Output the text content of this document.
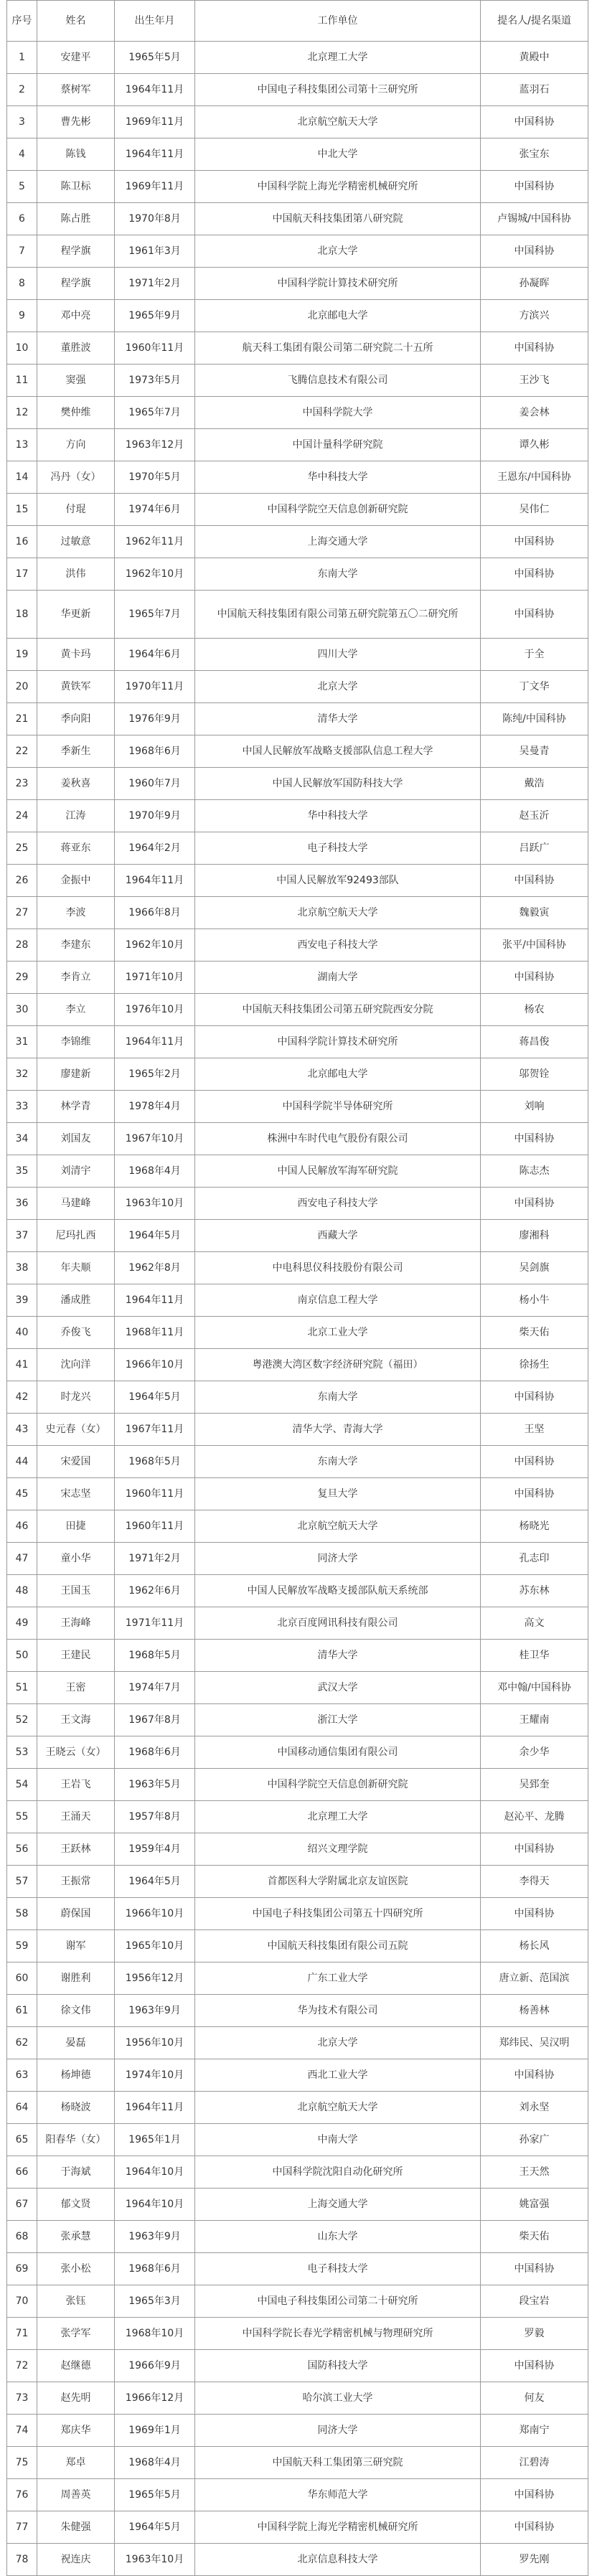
序号	姓名	出生年月	工作单位	提名人/提名渠道
1	安建平	1965年5月	北京理工大学	黄殿中
2	蔡树军	1964年11月	中国电子科技集团公司第十三研究所	蓝羽石
3	曹先彬	1969年11月	北京航空航天大学	中国科协
4	陈钱	1964年11月	中北大学	张宝东
5	陈卫标	1969年11月	中国科学院上海光学精密机械研究所	中国科协
6	陈占胜	1970年8月	中国航天科技集团第八研究院	卢锡城/中国科协
7	程学旗	1961年3月	北京大学	中国科协
8	程学旗	1971年2月	中国科学院计算技术研究所	孙凝晖
9	邓中亮	1965年9月	北京邮电大学	方滨兴
10	董胜波	1960年11月	航天科工集团有限公司第二研究院二十五所	中国科协
11	窦强	1973年5月	飞腾信息技术有限公司	王沙飞
12	樊仲维	1965年7月	中国科学院大学	姜会林
13	方向	1963年12月	中国计量科学研究院	谭久彬
14	冯丹（女）	1970年5月	华中科技大学	王恩东/中国科协
15	付琨	1974年6月	中国科学院空天信息创新研究院	吴伟仁
16	过敏意	1962年11月	上海交通大学	中国科协
17	洪伟	1962年10月	东南大学	中国科协
18	华更新	1965年7月	中国航天科技集团有限公司第五研究院第五〇二研究所	中国科协
19	黄卡玛	1964年6月	四川大学	于全
20	黄铁军	1970年11月	北京大学	丁文华
21	季向阳	1976年9月	清华大学	陈纯/中国科协
22	季新生	1968年6月	中国人民解放军战略支援部队信息工程大学	吴曼青
23	姜秋喜	1960年7月	中国人民解放军国防科技大学	戴浩
24	江涛	1970年9月	华中科技大学	赵玉沂
25	蒋亚东	1964年2月	电子科技大学	吕跃广
26	金振中	1964年11月	中国人民解放军92493部队	中国科协
27	李波	1966年8月	北京航空航天大学	魏毅寅
28	李建东	1962年10月	西安电子科技大学	张平/中国科协
29	李肯立	1971年10月	湖南大学	中国科协
30	李立	1976年10月	中国航天科技集团公司第五研究院西安分院	杨农
31	李锦维	1964年11月	中国科学院计算技术研究所	蒋昌俊
32	廖建新	1965年2月	北京邮电大学	邬贺铨
33	林学青	1978年4月	中国科学院半导体研究所	刘响
34	刘国友	1967年10月	株洲中车时代电气股份有限公司	中国科协
35	刘清宇	1968年4月	中国人民解放军海军研究院	陈志杰
36	马建峰	1963年10月	西安电子科技大学	中国科协
37	尼玛扎西	1964年5月	西藏大学	廖湘科
38	年夫顺	1962年8月	中电科思仪科技股份有限公司	吴剑旗
39	潘成胜	1964年11月	南京信息工程大学	杨小牛
40	乔俊飞	1968年11月	北京工业大学	柴天佑
41	沈向洋	1966年10月	粤港澳大湾区数字经济研究院（福田）	徐扬生
42	时龙兴	1964年5月	东南大学	中国科协
43	史元春（女）	1967年11月	清华大学、青海大学	王坚
44	宋爱国	1968年5月	东南大学	中国科协
45	宋志坚	1960年11月	复旦大学	中国科协
46	田捷	1960年11月	北京航空航天大学	杨晓光
47	童小华	1971年2月	同济大学	孔志印
48	王国玉	1962年6月	中国人民解放军战略支援部队航天系统部	苏东林
49	王海峰	1971年11月	北京百度网讯科技有限公司	高文
50	王建民	1968年5月	清华大学	桂卫华
51	王密	1974年7月	武汉大学	邓中翰/中国科协
52	王文海	1967年8月	浙江大学	王耀南
53	王晓云（女）	1968年6月	中国移动通信集团有限公司	余少华
54	王岩飞	1963年5月	中国科学院空天信息创新研究院	吴郅奎
55	王涌天	1957年8月	北京理工大学	赵沁平、龙腾
56	王跃林	1959年4月	绍兴文理学院	中国科协
57	王振常	1964年5月	首都医科大学附属北京友谊医院	李得天
58	蔚保国	1966年10月	中国电子科技集团公司第五十四研究所	中国科协
59	谢军	1965年10月	中国航天科技集团有限公司五院	杨长风
60	谢胜利	1956年12月	广东工业大学	唐立新、范国滨
61	徐文伟	1963年9月	华为技术有限公司	杨善林
62	晏磊	1956年10月	北京大学	郑纬民、吴汉明
63	杨坤德	1974年10月	西北工业大学	中国科协
64	杨晓波	1964年11月	北京航空航天大学	刘永坚
65	阳春华（女）	1965年1月	中南大学	孙家广
66	于海斌	1964年10月	中国科学院沈阳自动化研究所	王天然
67	郁文贤	1964年10月	上海交通大学	姚富强
68	张承慧	1963年9月	山东大学	柴天佑
69	张小松	1968年6月	电子科技大学	中国科协
70	张钰	1965年3月	中国电子科技集团公司第二十研究所	段宝岩
71	张学军	1968年10月	中国科学院长春光学精密机械与物理研究所	罗毅
72	赵继德	1966年9月	国防科技大学	中国科协
73	赵先明	1966年12月	哈尔滨工业大学	何友
74	郑庆华	1969年1月	同济大学	郑南宁
75	郑卓	1968年4月	中国航天科工集团第三研究院	江碧涛
76	周善英	1965年5月	华东师范大学	中国科协
77	朱健强	1964年5月	中国科学院上海光学精密机械研究所	中国科协
78	祝连庆	1963年10月	北京信息科技大学	罗先刚
